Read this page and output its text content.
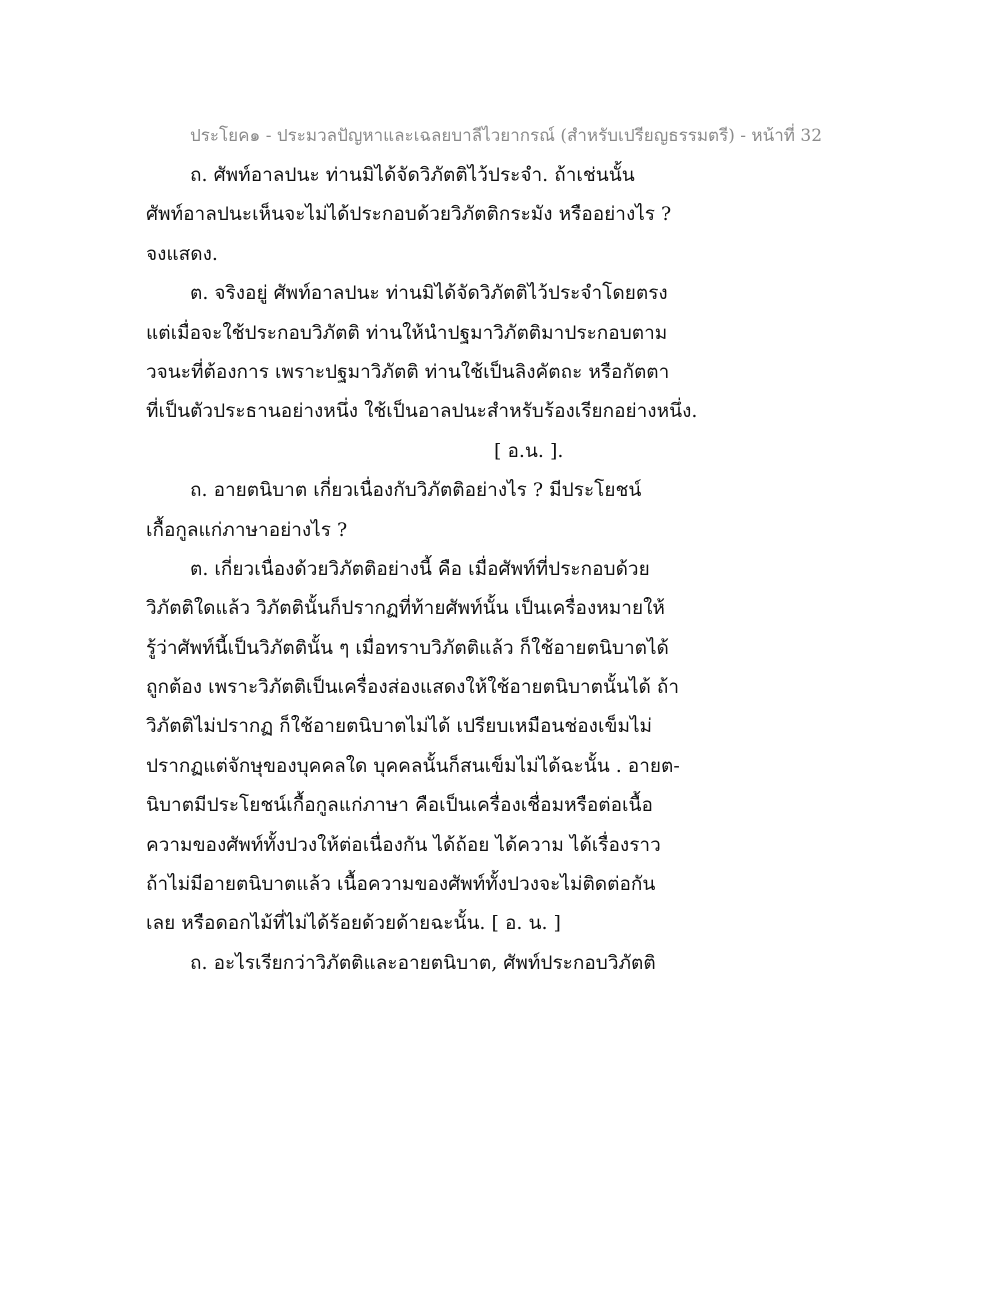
ประโยค๑ - ประมวลปัญหาและเฉลยบาลีไวยากรณ์ (สำหรับเปรียญธรรมตรี) - หน้าที่ 32
ถ. ศัพท์อาลปนะ ท่านมิได้จัดวิภัตติไว้ประจำ. ถ้าเช่นนั้น
ศัพท์อาลปนะเห็นจะไม่ได้ประกอบด้วยวิภัตติกระมัง หรืออย่างไร ?
จงแสดง.
ต. จริงอยู่ ศัพท์อาลปนะ ท่านมิได้จัดวิภัตติไว้ประจำโดยตรง
แต่เมื่อจะใช้ประกอบวิภัตติ ท่านให้นำปฐมาวิภัตติมาประกอบตาม
วจนะที่ต้องการ เพราะปฐมาวิภัตติ ท่านใช้เป็นลิงคัตถะ หรือกัตตา
ที่เป็นตัวประธานอย่างหนึ่ง ใช้เป็นอาลปนะสำหรับร้องเรียกอย่างหนึ่ง.
[ อ.น. ].
ถ. อายตนิบาต เกี่ยวเนื่องกับวิภัตติอย่างไร ? มีประโยชน์
เกื้อกูลแก่ภาษาอย่างไร ?
ต. เกี่ยวเนื่องด้วยวิภัตติอย่างนี้ คือ เมื่อศัพท์ที่ประกอบด้วย
วิภัตติใดแล้ว วิภัตตินั้นก็ปรากฏที่ท้ายศัพท์นั้น เป็นเครื่องหมายให้
รู้ว่าศัพท์นี้เป็นวิภัตตินั้น ๆ เมื่อทราบวิภัตติแล้ว ก็ใช้อายตนิบาตได้
ถูกต้อง เพราะวิภัตติเป็นเครื่องส่องแสดงให้ใช้อายตนิบาตนั้นได้ ถ้า
วิภัตติไม่ปรากฏ ก็ใช้อายตนิบาตไม่ได้ เปรียบเหมือนช่องเข็มไม่
ปรากฏแต่จักษุของบุคคลใด บุคคลนั้นก็สนเข็มไม่ได้ฉะนั้น . อายต-
นิบาตมีประโยชน์เกื้อกูลแก่ภาษา คือเป็นเครื่องเชื่อมหรือต่อเนื้อ
ความของศัพท์ทั้งปวงให้ต่อเนื่องกัน ได้ถ้อย ได้ความ ได้เรื่องราว
ถ้าไม่มีอายตนิบาตแล้ว เนื้อความของศัพท์ทั้งปวงจะไม่ติดต่อกัน
เลย หรือดอกไม้ที่ไม่ได้ร้อยด้วยด้ายฉะนั้น. [ อ. น. ]
ถ. อะไรเรียกว่าวิภัตติและอายตนิบาต, ศัพท์ประกอบวิภัตติ
